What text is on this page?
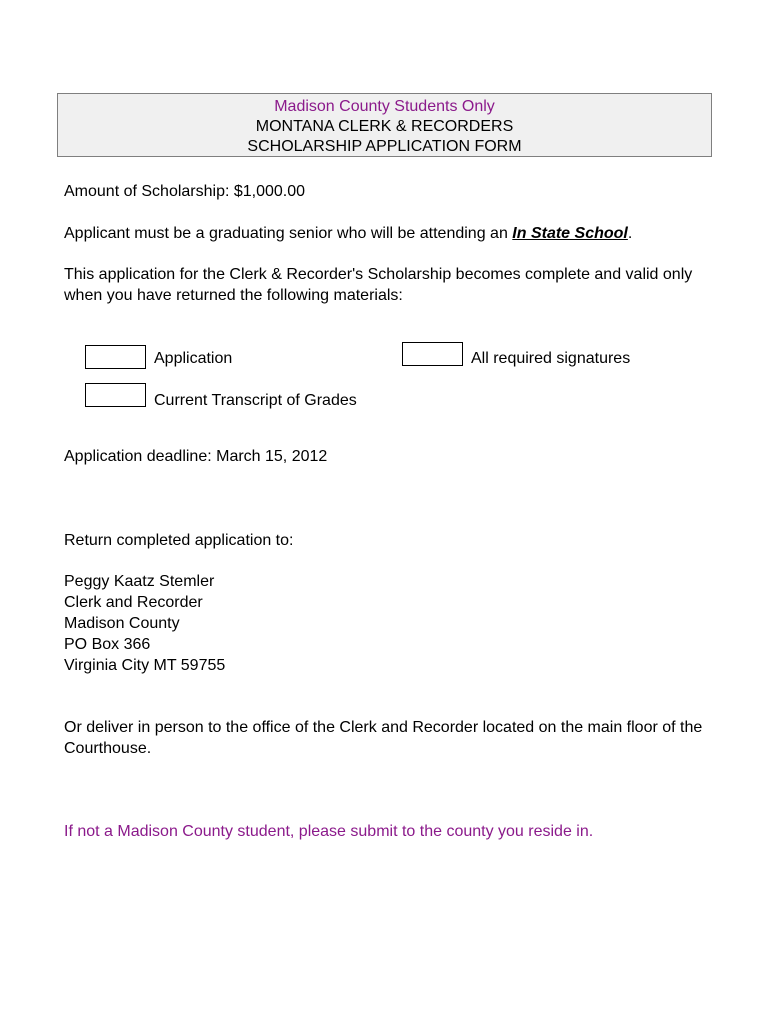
Madison County Students Only
MONTANA CLERK & RECORDERS
SCHOLARSHIP APPLICATION FORM
Amount of Scholarship: $1,000.00
Applicant must be a graduating senior who will be attending an In State School.
This application for the Clerk & Recorder's Scholarship becomes complete and valid only when you have returned the following materials:
Application	All required signatures
Current Transcript of Grades
Application deadline: March 15, 2012
Return completed application to:
Peggy Kaatz Stemler
Clerk and Recorder
Madison County
PO Box 366
Virginia City MT 59755
Or deliver in person to the office of the Clerk and Recorder located on the main floor of the Courthouse.
If not a Madison County student, please submit to the county you reside in.
